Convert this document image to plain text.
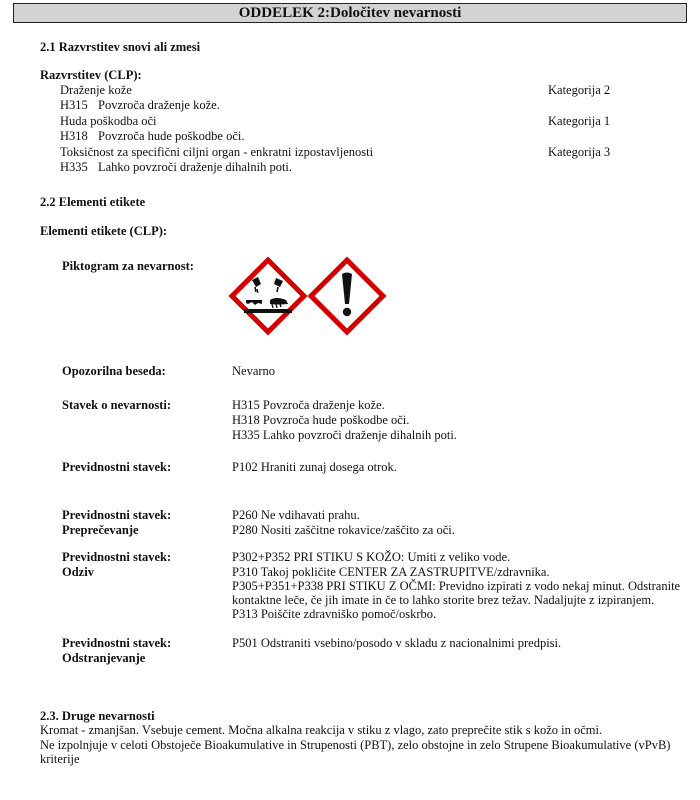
ODDELEK 2:Določitev nevarnosti
2.1 Razvrstitev snovi ali zmesi
Razvrstitev (CLP):
Draženje kože	Kategorija 2
H315 Povzroča draženje kože.
Huda poškodba oči	Kategorija 1
H318 Povzroča hude poškodbe oči.
Toksičnost za specifični ciljni organ - enkratni izpostavljenosti	Kategorija 3
H335 Lahko povzroči draženje dihalnih poti.
2.2 Elementi etikete
Elementi etikete (CLP):
Piktogram za nevarnost:
Opozorilna beseda:	Nevarno
Stavek o nevarnosti:	H315 Povzroča draženje kože.
H318 Povzroča hude poškodbe oči.
H335 Lahko povzroči draženje dihalnih poti.
Previdnostni stavek:	P102 Hraniti zunaj dosega otrok.
Previdnostni stavek:
Preprečevanje
P260 Ne vdihavati prahu.
P280 Nositi zaščitne rokavice/zaščito za oči.
Previdnostni stavek:
Odziv
P302+P352 PRI STIKU S KOŽO: Umiti z veliko vode.
P310 Takoj pokličite CENTER ZA ZASTRUPITVE/zdravnika.
P305+P351+P338 PRI STIKU Z OČMI: Previdno izpirati z vodo nekaj minut. Odstranite
kontaktne leče, če jih imate in če to lahko storite brez težav. Nadaljujte z izpiranjem.
P313 Poiščite zdravniško pomoč/oskrbo.
Previdnostni stavek:
Odstranjevanje
P501 Odstraniti vsebino/posodo v skladu z nacionalnimi predpisi.
2.3. Druge nevarnosti
Kromat - zmanjšan. Vsebuje cement. Močna alkalna reakcija v stiku z vlago, zato preprečite stik s kožo in očmi.
Ne izpolnjuje v celoti Obstoječe Bioakumulative in Strupenosti (PBT), zelo obstojne in zelo Strupene Bioakumulative (vPvB)
kriterije
